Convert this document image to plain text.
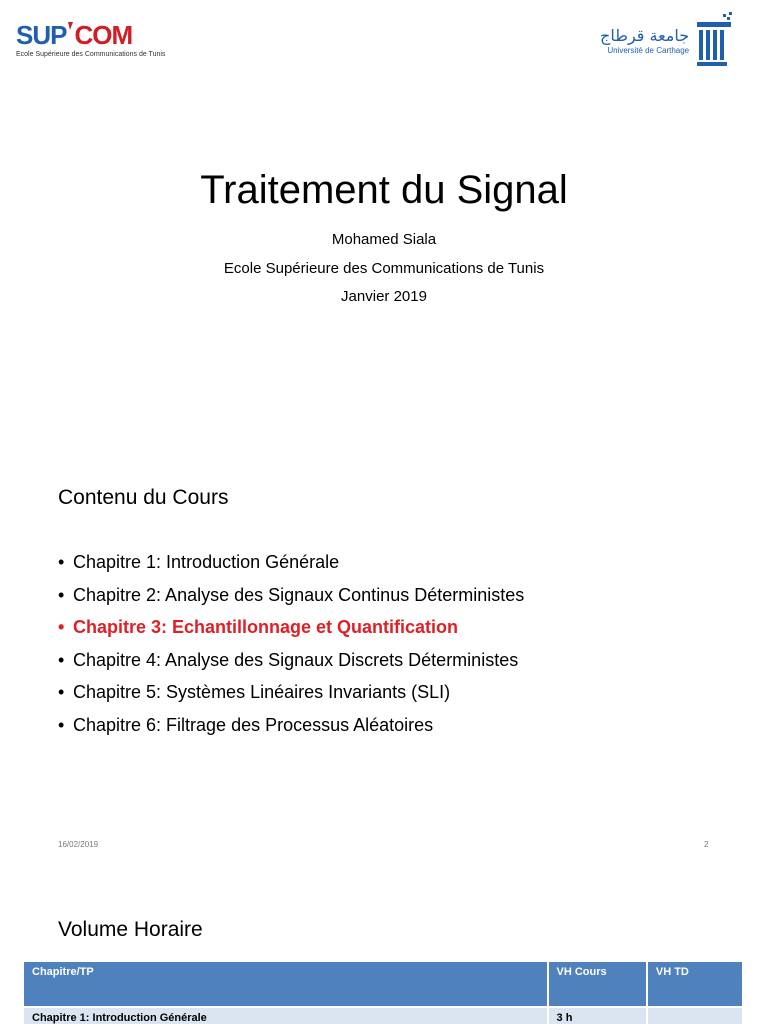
SUP COM
Ecole Supérieure des Communications de Tunis
جامعة قرطاج
Université de Carthage
Traitement du Signal
Mohamed Siala
Ecole Supérieure des Communications de Tunis
Janvier 2019
Contenu du Cours
• Chapitre 1: Introduction Générale
• Chapitre 2: Analyse des Signaux Continus Déterministes
• Chapitre 3: Echantillonnage et Quantification
• Chapitre 4: Analyse des Signaux Discrets Déterministes
• Chapitre 5: Systèmes Linéaires Invariants (SLI)
• Chapitre 6: Filtrage des Processus Aléatoires
16/02/2019	2
Volume Horaire
Chapitre/TP	VH Cours	VH TD
Chapitre 1: Introduction Générale	3 h	
